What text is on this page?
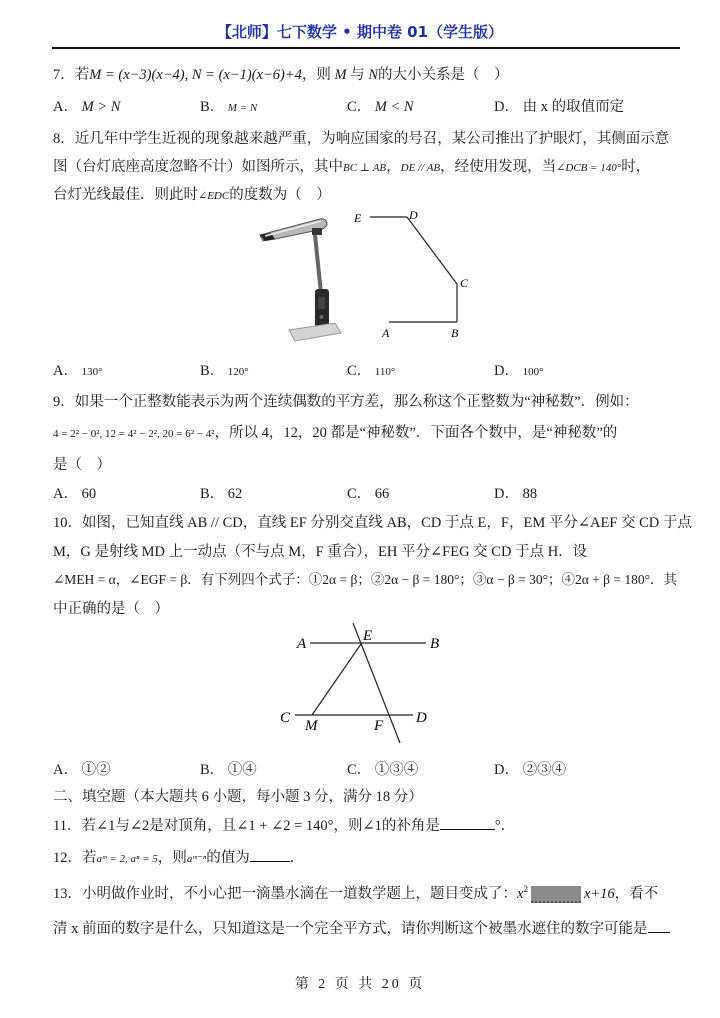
【北师】七下数学 • 期中卷 01（学生版）
7．若M = (x−3)(x−4), N = (x−1)(x−6)+4，则 M 与 N的大小关系是（　）
A． M > N	B． M = N	C． M < N	D． 由 x 的取值而定
8．近几年中学生近视的现象越来越严重，为响应国家的号召，某公司推出了护眼灯，其侧面示意
图（台灯底座高度忽略不计）如图所示，其中BC ⊥ AB，DE // AB，经使用发现，当∠DCB = 140°时，
台灯光线最佳．则此时∠EDC的度数为（　）
E	D
C
A	B
A． 130°	B． 120°	C． 110°	D． 100°
9．如果一个正整数能表示为两个连续偶数的平方差，那么称这个正整数为“神秘数”．例如：
4 = 2² − 0², 12 = 4² − 2², 20 = 6² − 4²，所以 4，12，20 都是“神秘数”．下面各个数中，是“神秘数”的
是（　）
A． 60	B． 62	C． 66	D． 88
10．如图，已知直线 AB // CD，直线 EF 分别交直线 AB，CD 于点 E，F，EM 平分∠AEF 交 CD 于点
M，G 是射线 MD 上一动点（不与点 M，F 重合），EH 平分∠FEG 交 CD 于点 H．设
∠MEH = α，∠EGF = β．有下列四个式子：①2α = β；②2α − β = 180°；③α − β = 30°；④2α + β = 180°．其
中正确的是（　）
A	E	B
C M	F D
A． ①②	B． ①④	C． ①③④	D． ②③④
二、填空题（本大题共 6 小题，每小题 3 分，满分 18 分）
11．若∠1与∠2是对顶角，且∠1 + ∠2 = 140°，则∠1的补角是	°．
12．若aᵐ = 2, aⁿ = 5，则aᵐ⁻ⁿ的值为	．
13．小明做作业时，不小心把一滴墨水滴在一道数学题上，题目变成了：$x^2$	x+16，看不
清 x 前面的数字是什么，只知道这是一个完全平方式，请你判断这个被墨水遮住的数字可能是
第 2 页 共 20 页
